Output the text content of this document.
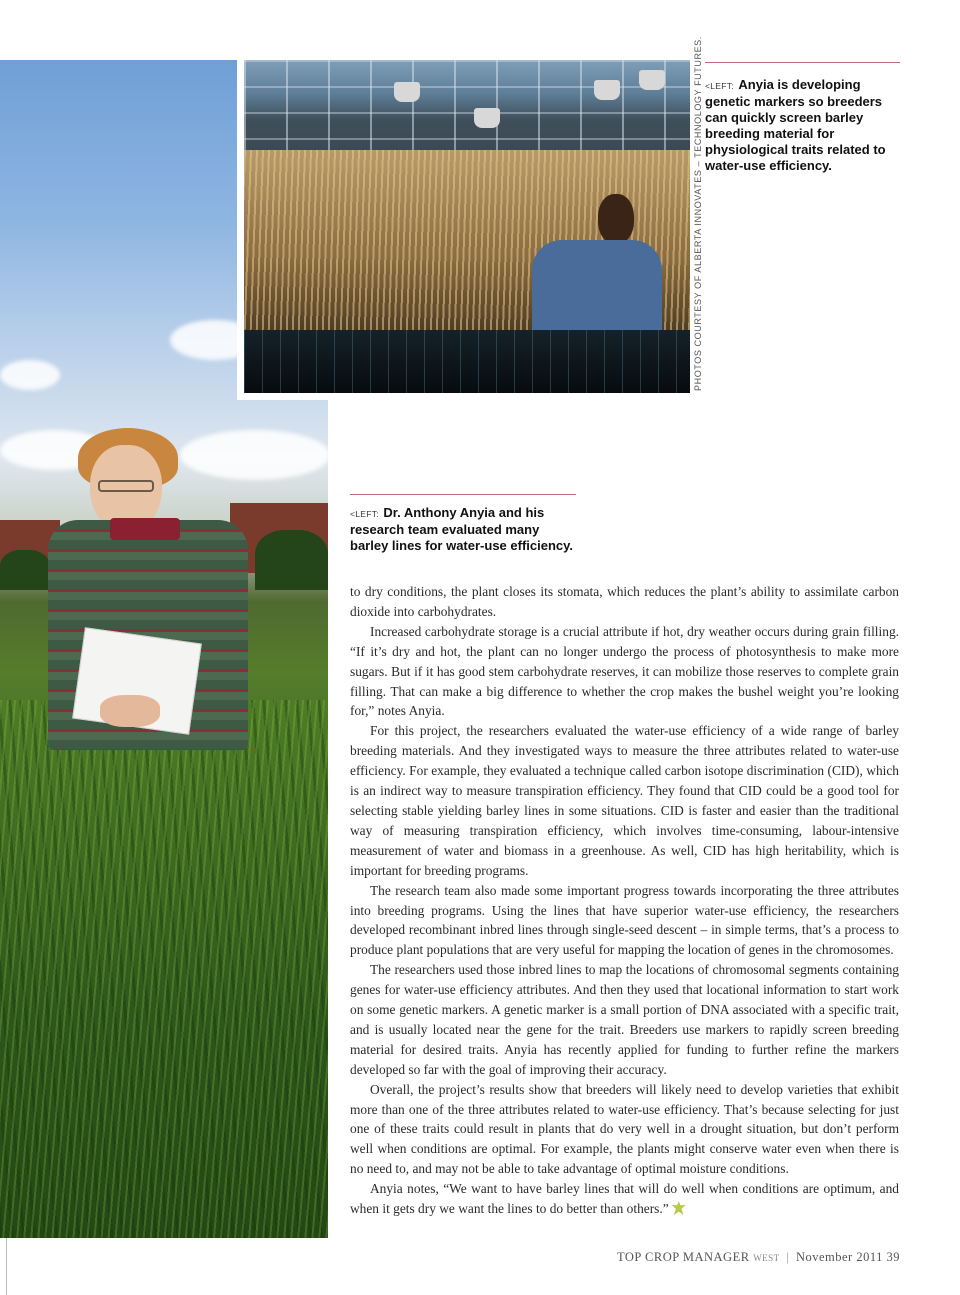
PHOTOS COURTESY OF ALBERTA INNOVATES – TECHNOLOGY FUTURES. <LEFT: Anyia is developing genetic markers so breeders can quickly screen barley breeding material for physiological traits related to water-use efficiency.
<LEFT: Dr. Anthony Anyia and his research team evaluated many barley lines for water-use efficiency.

to dry conditions, the plant closes its stomata, which reduces the plant’s ability to assimilate carbon dioxide into carbohydrates.

Increased carbohydrate storage is a crucial attribute if hot, dry weather occurs during grain filling. “If it’s dry and hot, the plant can no longer undergo the process of photosynthesis to make more sugars. But if it has good stem carbohydrate reserves, it can mobilize those reserves to complete grain filling. That can make a big difference to whether the crop makes the bushel weight you’re looking for,” notes Anyia.

For this project, the researchers evaluated the water-use efficiency of a wide range of barley breeding materials. And they investigated ways to measure the three attributes related to water-use efficiency. For example, they evaluated a technique called carbon isotope discrimination (CID), which is an indirect way to measure transpiration efficiency. They found that CID could be a good tool for selecting stable yielding barley lines in some situations. CID is faster and easier than the traditional way of measuring transpiration efficiency, which involves time-consuming, labour-intensive measurement of water and biomass in a greenhouse. As well, CID has high heritability, which is important for breeding programs.

The research team also made some important progress towards incorporating the three attributes into breeding programs. Using the lines that have superior water-use efficiency, the researchers developed recombinant inbred lines through single-seed descent – in simple terms, that’s a process to produce plant populations that are very useful for mapping the location of genes in the chromosomes.

The researchers used those inbred lines to map the locations of chromosomal segments containing genes for water-use efficiency attributes. And then they used that locational information to start work on some genetic markers. A genetic marker is a small portion of DNA associated with a specific trait, and is usually located near the gene for the trait. Breeders use markers to rapidly screen breeding material for desired traits. Anyia has recently applied for funding to further refine the markers developed so far with the goal of improving their accuracy.

Overall, the project’s results show that breeders will likely need to develop varieties that exhibit more than one of the three attributes related to water-use efficiency. That’s because selecting for just one of these traits could result in plants that do very well in a drought situation, but don’t perform well when conditions are optimal. For example, the plants might conserve water even when there is no need to, and may not be able to take advantage of optimal moisture conditions.

Anyia notes, “We want to have barley lines that will do well when conditions are optimum, and when it gets dry we want the lines to do better than others.”

TOP CROP MANAGER WEST | November 2011 39
